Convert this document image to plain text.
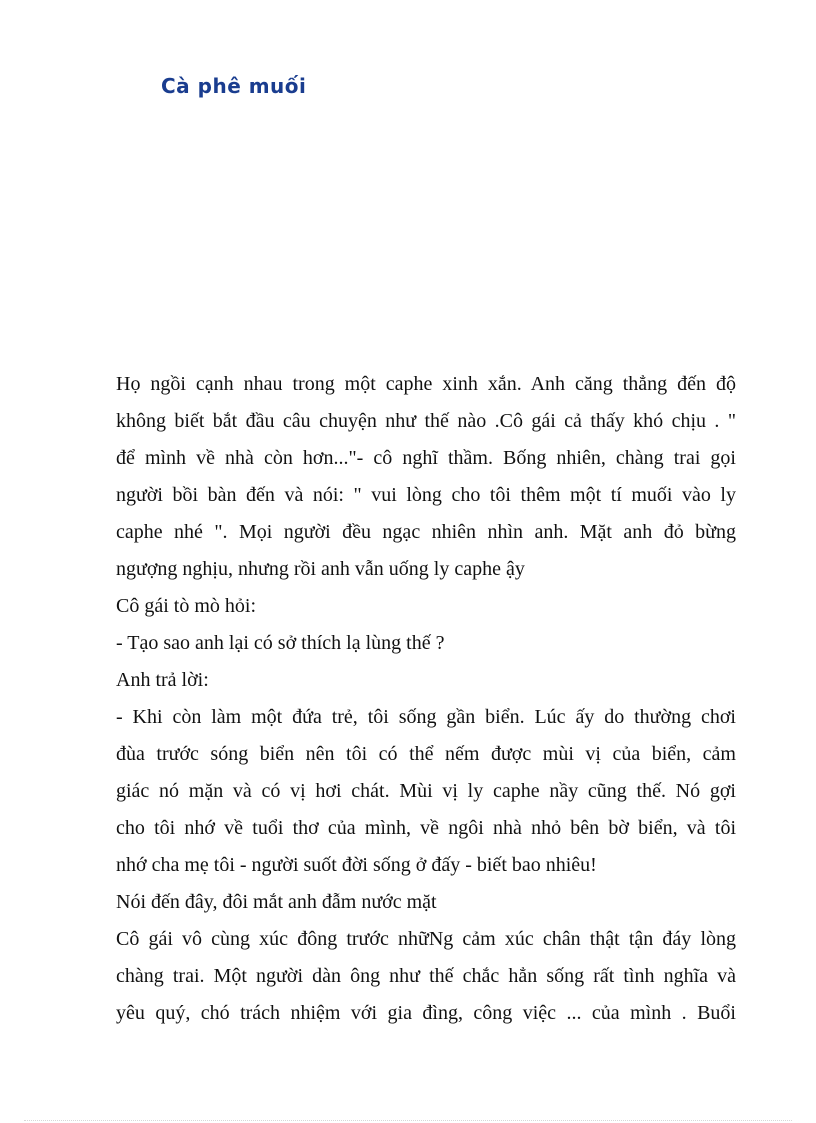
Cà phê muối
Họ ngồi cạnh nhau trong một caphe xinh xắn. Anh căng thẳng đến độ
không biết bắt đầu câu chuyện như thế nào .Cô gái cả thấy khó chịu . "
để mình về nhà còn hơn..."- cô nghĩ thầm. Bống nhiên, chàng trai gọi
người bồi bàn đến và nói: " vui lòng cho tôi thêm một tí muối vào ly
caphe nhé ". Mọi người đều ngạc nhiên nhìn anh. Mặt anh đỏ bừng
ngượng nghịu, nhưng rồi anh vẫn uống ly caphe ậy
Cô gái tò mò hỏi:
- Tạo sao anh lại có sở thích lạ lùng thế ?
Anh trả lời:
- Khi còn làm một đứa trẻ, tôi sống gần biển. Lúc ấy do thường chơi
đùa trước sóng biển nên tôi có thể nếm được mùi vị của biển, cảm
giác nó mặn và có vị hơi chát. Mùi vị ly caphe nầy cũng thế. Nó gợi
cho tôi nhớ về tuổi thơ của mình, về ngôi nhà nhỏ bên bờ biển, và tôi
nhớ cha mẹ tôi - người suốt đời sống ở đấy - biết bao nhiêu!
Nói đến đây, đôi mắt anh đẫm nước mặt
Cô gái vô cùng xúc đông trước nhữNg cảm xúc chân thật tận đáy lòng
chàng trai. Một người dàn ông như thế chắc hẳn sống rất tình nghĩa và
yêu quý, chó trách nhiệm với gia đìng, công việc ... của mình . Buổi
